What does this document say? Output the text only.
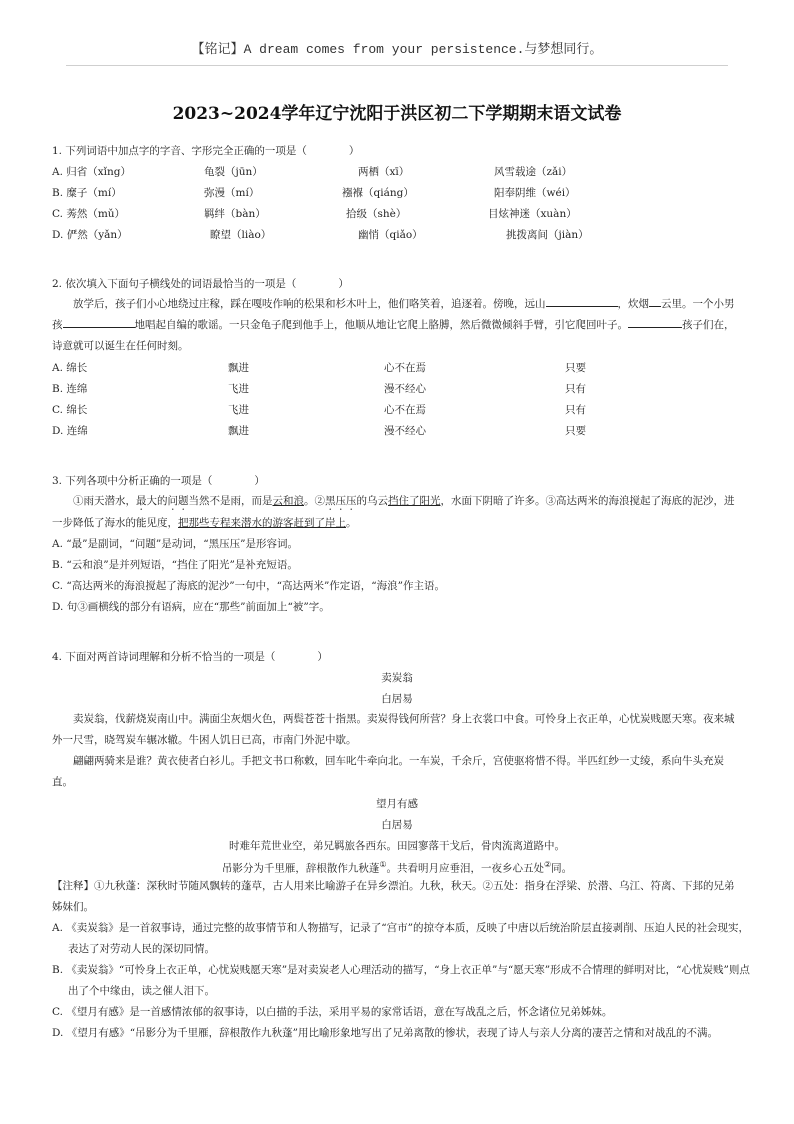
【铭记】A dream comes from your persistence.与梦想同行。
2023~2024学年辽宁沈阳于洪区初二下学期期末语文试卷
1. 下列词语中加点字的字音、字形完全正确的一项是（　　　　）
A. 归省（xǐng）	龟裂（jūn）	两栖（xī）	风雪载途（zǎi）
B. 糜子（mí）	弥漫（mí）	襁褓（qiáng）	阳奉阴维（wéi）
C. 莠然（mǔ）	羁绊（bàn）	拾级（shè）	目炫神迷（xuàn）
D. 俨然（yǎn）	瞭望（liào）	幽悄（qiǎo）	挑拨离间（jiàn）
2. 依次填入下面句子横线处的词语最恰当的一项是（　　　　）
放学后，孩子们小心地绕过庄稼，踩在嘎吱作响的松果和杉木叶上，他们咯笑着，追逐着。傍晚，远山	，炊烟 云里。一个小男孩	地唱起自编的歌谣。一只金龟子爬到他手上，他顺从地让它爬上胳膊，然后微微倾斜手臂，引它爬回叶子。	孩子们在，诗意就可以诞生在任何时刻。
A. 绵长	飘进	心不在焉	只要
B. 连绵	飞进	漫不经心	只有
C. 绵长	飞进	心不在焉	只有
D. 连绵	飘进	漫不经心	只要
3. 下列各项中分析正确的一项是（　　　　）
①雨天潜水，最大的问题当然不是雨，而是云和浪。②黑压压的乌云挡住了阳光，水面下阴暗了许多。③高达两米的海浪搅起了海底的泥沙，进一步降低了海水的能见度，把那些专程来潜水的游客赶到了岸上。
A. “最”是副词，“问题”是动词，“黑压压”是形容词。
B. “云和浪”是并列短语，“挡住了阳光”是补充短语。
C. “高达两米的海浪搅起了海底的泥沙”一句中，“高达两米”作定语，“海浪”作主语。
D. 句③画横线的部分有语病，应在“那些”前面加上“被”字。
4. 下面对两首诗词理解和分析不恰当的一项是（　　　　）
卖炭翁
白居易
卖炭翁，伐薪烧炭南山中。满面尘灰烟火色，两鬓苍苍十指黑。卖炭得钱何所营？身上衣裳口中食。可怜身上衣正单，心忧炭贱愿天寒。夜来城外一尺雪，晓驾炭车辗冰辙。牛困人饥日已高，市南门外泥中歇。
翩翩两骑来是谁？黄衣使者白衫儿。手把文书口称敕，回车叱牛牵向北。一车炭，千余斤，宫使驱将惜不得。半匹红纱一丈绫，系向牛头充炭直。
望月有感
白居易
时难年荒世业空，弟兄羁旅各西东。田园寥落干戈后，骨肉流离道路中。
吊影分为千里雁，辞根散作九秋蓬①。共看明月应垂泪，一夜乡心五处②同。
【注释】①九秋蓬：深秋时节随风飘转的蓬草，古人用来比喻游子在异乡漂泊。九秋，秋天。②五处：指身在浮梁、於潜、乌江、符离、下邽的兄弟姊妹们。
A. 《卖炭翁》是一首叙事诗，通过完整的故事情节和人物描写，记录了“宫市”的掠夺本质，反映了中唐以后统治阶层直接剥削、压迫人民的社会现实，表达了对劳动人民的深切同情。
B. 《卖炭翁》“可怜身上衣正单，心忧炭贱愿天寒”是对卖炭老人心理活动的描写，“身上衣正单”与“愿天寒”形成不合情理的鲜明对比，“心忧炭贱”则点出了个中缘由，读之催人泪下。
C. 《望月有感》是一首感情浓郁的叙事诗，以白描的手法，采用平易的家常话语，意在写战乱之后，怀念诸位兄弟姊妹。
D. 《望月有感》“吊影分为千里雁，辞根散作九秋蓬”用比喻形象地写出了兄弟离散的惨状，表现了诗人与亲人分离的凄苦之情和对战乱的不满。
